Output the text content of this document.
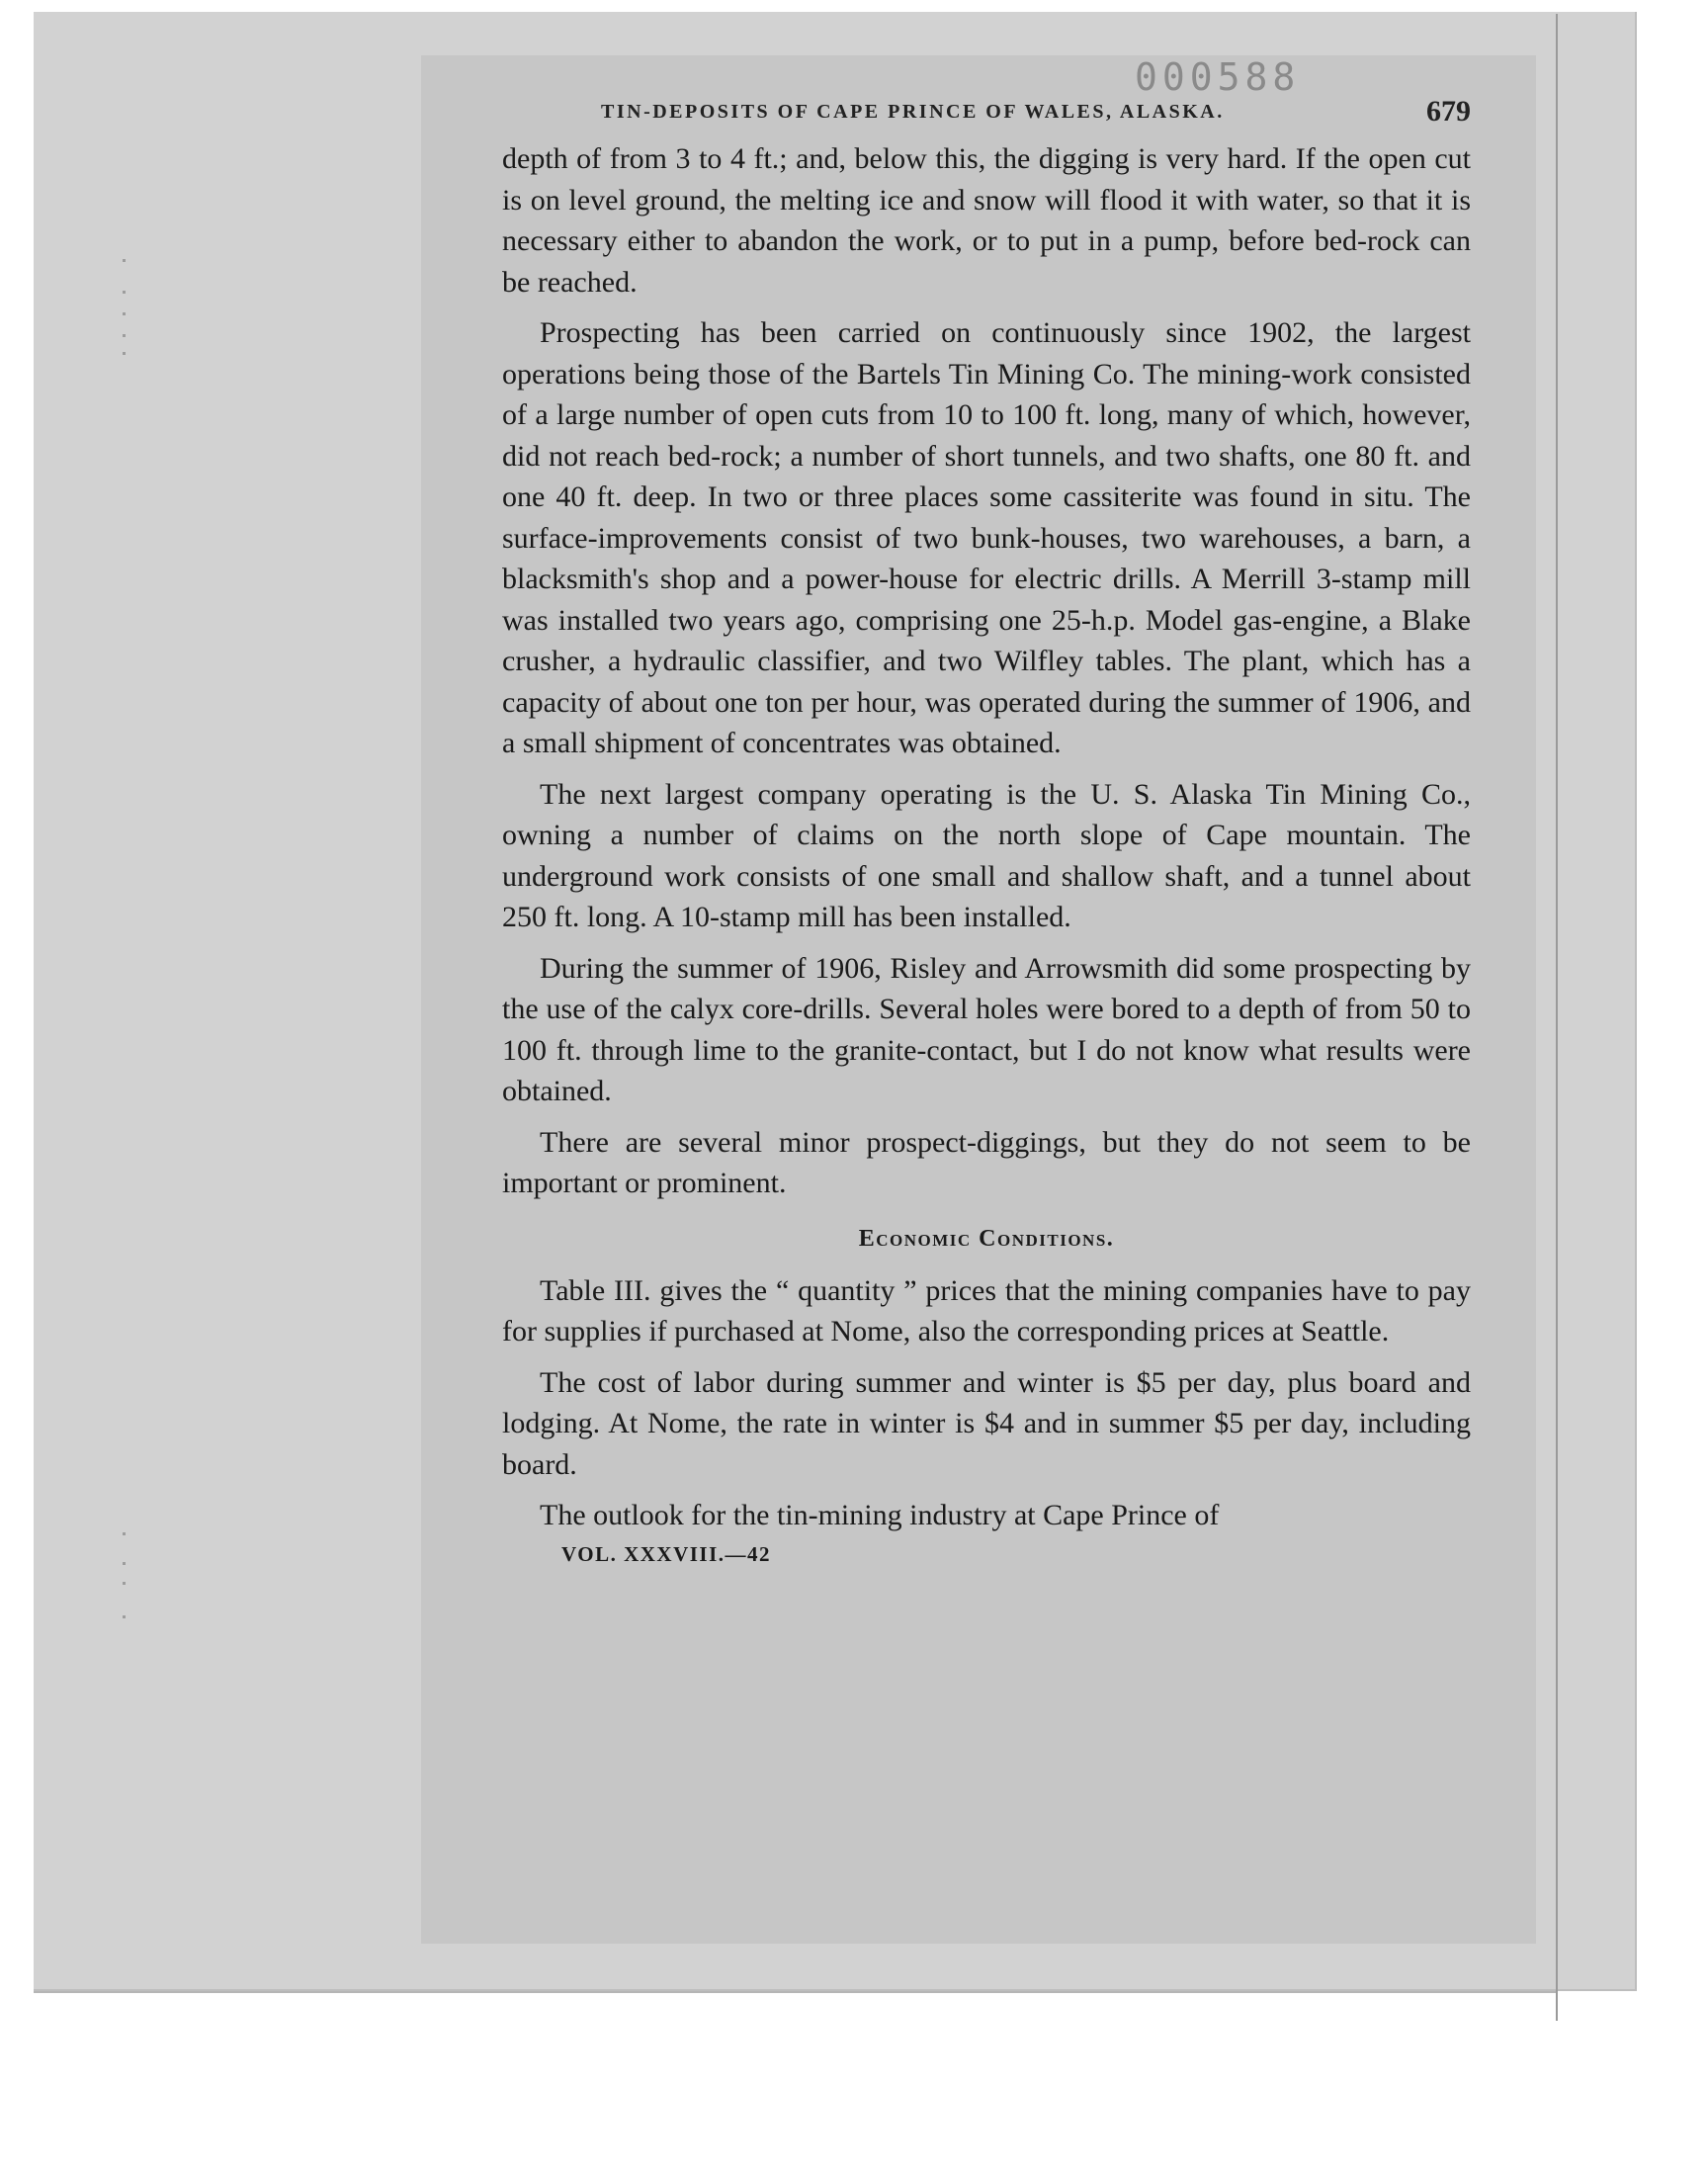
000588
TIN-DEPOSITS OF CAPE PRINCE OF WALES, ALASKA.	679

depth of from 3 to 4 ft.; and, below this, the digging is very hard. If the open cut is on level ground, the melting ice and snow will flood it with water, so that it is necessary either to abandon the work, or to put in a pump, before bed-rock can be reached.

Prospecting has been carried on continuously since 1902, the largest operations being those of the Bartels Tin Mining Co. The mining-work consisted of a large number of open cuts from 10 to 100 ft. long, many of which, however, did not reach bed-rock; a number of short tunnels, and two shafts, one 80 ft. and one 40 ft. deep. In two or three places some cassiterite was found in situ. The surface-improvements consist of two bunk-houses, two warehouses, a barn, a blacksmith's shop and a power-house for electric drills. A Merrill 3-stamp mill was installed two years ago, comprising one 25-h.p. Model gas-engine, a Blake crusher, a hydraulic classifier, and two Wilfley tables. The plant, which has a capacity of about one ton per hour, was operated during the summer of 1906, and a small shipment of concentrates was obtained.

The next largest company operating is the U. S. Alaska Tin Mining Co., owning a number of claims on the north slope of Cape mountain. The underground work consists of one small and shallow shaft, and a tunnel about 250 ft. long. A 10-stamp mill has been installed.

During the summer of 1906, Risley and Arrowsmith did some prospecting by the use of the calyx core-drills. Several holes were bored to a depth of from 50 to 100 ft. through lime to the granite-contact, but I do not know what results were obtained.

There are several minor prospect-diggings, but they do not seem to be important or prominent.

Economic Conditions.

Table III. gives the “ quantity ” prices that the mining companies have to pay for supplies if purchased at Nome, also the corresponding prices at Seattle.

The cost of labor during summer and winter is $5 per day, plus board and lodging. At Nome, the rate in winter is $4 and in summer $5 per day, including board.

The outlook for the tin-mining industry at Cape Prince of

VOL. XXXVIII.—42
